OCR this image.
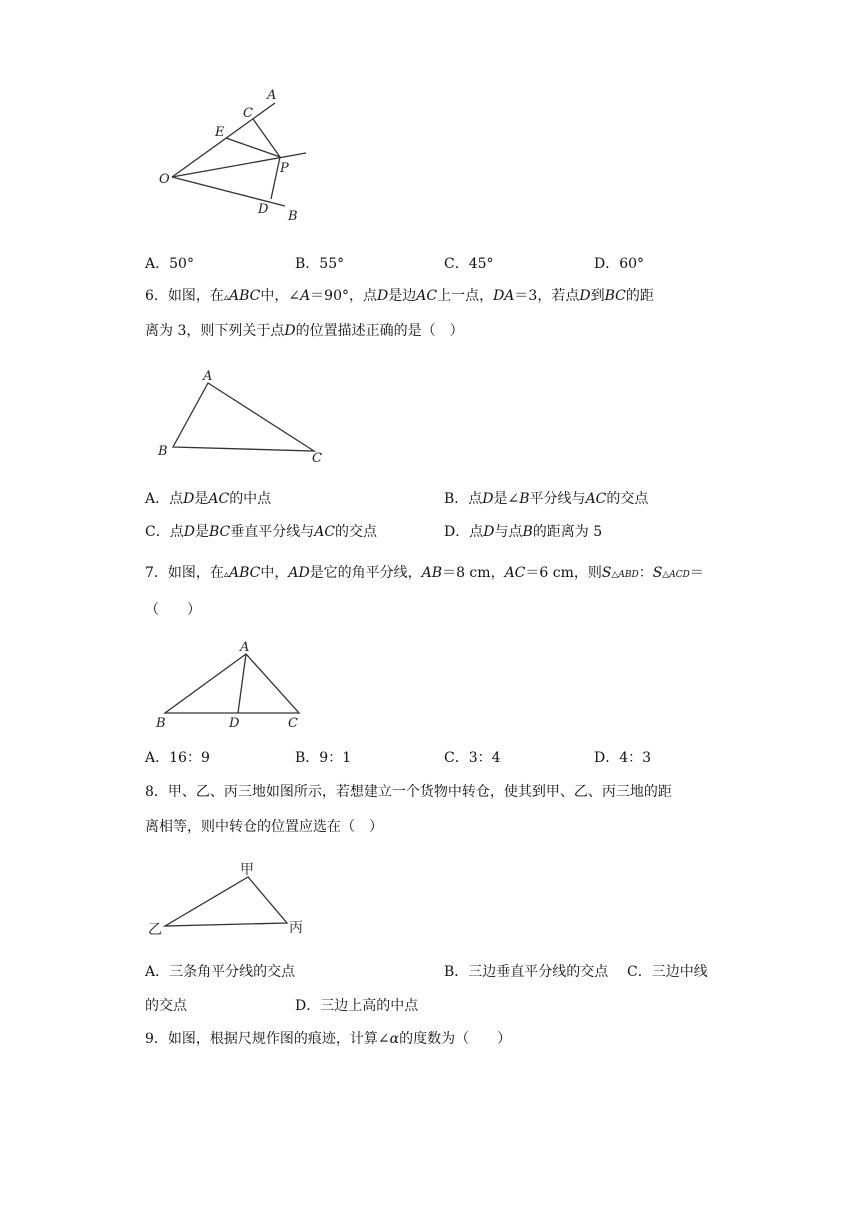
A
C
E
P
O
D B
A．50°	B．55°	C．45°	D．60°
6．如图，在▵ABC中，∠A＝90°，点D是边AC上一点，DA＝3，若点D到BC的距
离为 3，则下列关于点D的位置描述正确的是（　）
A
B	C
A．点D是AC的中点	B．点D是∠B平分线与AC的交点
C．点D是BC垂直平分线与AC的交点	D．点D与点B的距离为 5
7．如图，在▵ABC中，AD是它的角平分线，AB＝8 cm，AC＝6 cm，则S△ABD：S△ACD＝
（　　）
A
B	D	C
A．16：9	B．9：1	C．3：4	D．4：3
8．甲、乙、丙三地如图所示，若想建立一个货物中转仓，使其到甲、乙、丙三地的距
离相等，则中转仓的位置应选在（　）
甲
乙	丙
A．三条角平分线的交点	B．三边垂直平分线的交点 C．三边中线
的交点	D．三边上高的中点
9．如图，根据尺规作图的痕迹，计算∠α的度数为（　　）
